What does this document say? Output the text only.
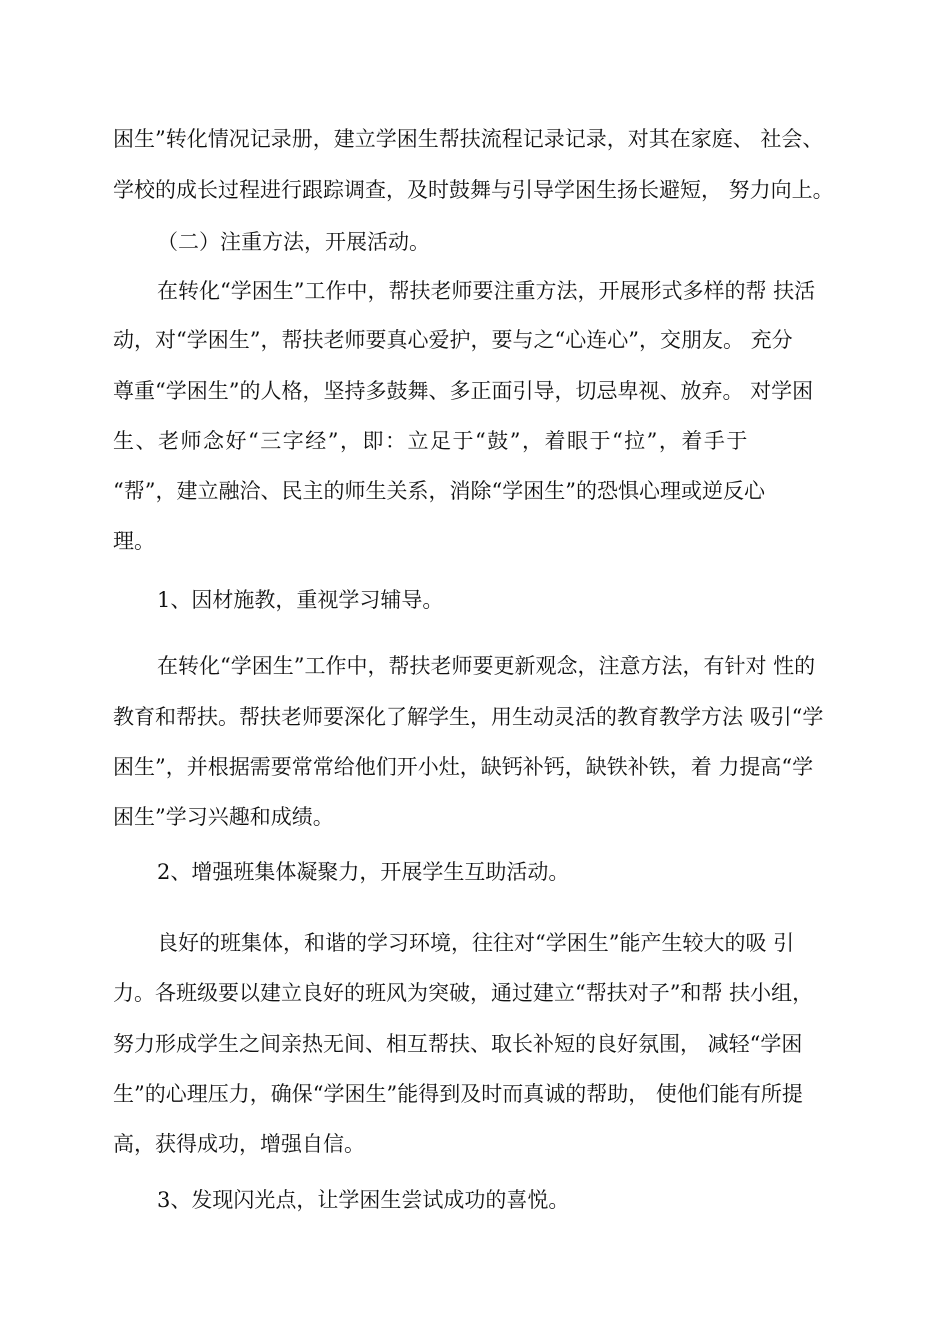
困生”转化情况记录册，建立学困生帮扶流程记录记录，对其在家庭、 社会、
学校的成长过程进行跟踪调查，及时鼓舞与引导学困生扬长避短， 努力向上。
（二）注重方法，开展活动。
在转化“学困生”工作中，帮扶老师要注重方法，开展形式多样的帮 扶活
动，对“学困生”，帮扶老师要真心爱护，要与之“心连心”，交朋友。 充分
尊重“学困生”的人格，坚持多鼓舞、多正面引导，切忌卑视、放弃。 对学困
生、老师念好“三字经”，即：立足于“鼓”，着眼于“拉”，着手于
“帮”，建立融洽、民主的师生关系，消除“学困生”的恐惧心理或逆反心
理。
1、因材施教，重视学习辅导。
在转化“学困生”工作中，帮扶老师要更新观念，注意方法，有针对 性的
教育和帮扶。帮扶老师要深化了解学生，用生动灵活的教育教学方法 吸引“学
困生”，并根据需要常常给他们开小灶，缺钙补钙，缺铁补铁，着 力提高“学
困生”学习兴趣和成绩。
2、增强班集体凝聚力，开展学生互助活动。
良好的班集体，和谐的学习环境，往往对“学困生”能产生较大的吸 引
力。各班级要以建立良好的班风为突破，通过建立“帮扶对子”和帮 扶小组，
努力形成学生之间亲热无间、相互帮扶、取长补短的良好氛围， 减轻“学困
生”的心理压力，确保“学困生”能得到及时而真诚的帮助， 使他们能有所提
高，获得成功，增强自信。
3、发现闪光点，让学困生尝试成功的喜悦。
